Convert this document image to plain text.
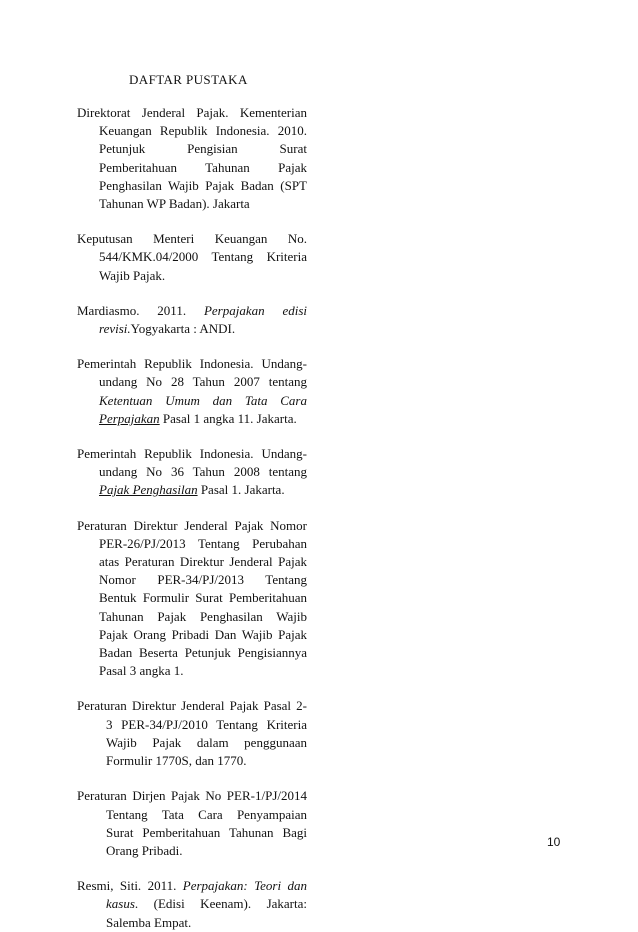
DAFTAR PUSTAKA
Direktorat Jenderal Pajak. Kementerian
Keuangan Republik Indonesia. 2010.
Petunjuk Pengisian Surat
Pemberitahuan Tahunan Pajak
Penghasilan Wajib Pajak Badan (SPT
Tahunan WP Badan). Jakarta
Keputusan Menteri Keuangan No.
544/KMK.04/2000 Tentang Kriteria
Wajib Pajak.
Mardiasmo. 2011. Perpajakan edisi
revisi.Yogyakarta : ANDI.
Pemerintah Republik Indonesia. Undang-
undang No 28 Tahun 2007 tentang
Ketentuan Umum dan Tata Cara
Perpajakan Pasal 1 angka 11. Jakarta.
Pemerintah Republik Indonesia. Undang-
undang No 36 Tahun 2008 tentang
Pajak Penghasilan Pasal 1. Jakarta.
Peraturan Direktur Jenderal Pajak Nomor
PER-26/PJ/2013 Tentang Perubahan
atas Peraturan Direktur Jenderal Pajak
Nomor PER-34/PJ/2013 Tentang
Bentuk Formulir Surat Pemberitahuan
Tahunan Pajak Penghasilan Wajib
Pajak Orang Pribadi Dan Wajib Pajak
Badan Beserta Petunjuk Pengisiannya
Pasal 3 angka 1.
Peraturan Direktur Jenderal Pajak Pasal 2-
3 PER-34/PJ/2010 Tentang Kriteria
Wajib Pajak dalam penggunaan
Formulir 1770S, dan 1770.
Peraturan Dirjen Pajak No PER-1/PJ/2014
Tentang Tata Cara Penyampaian
Surat Pemberitahuan Tahunan Bagi
Orang Pribadi.
Resmi, Siti. 2011. Perpajakan: Teori dan
kasus. (Edisi Keenam). Jakarta:
Salemba Empat.
10
